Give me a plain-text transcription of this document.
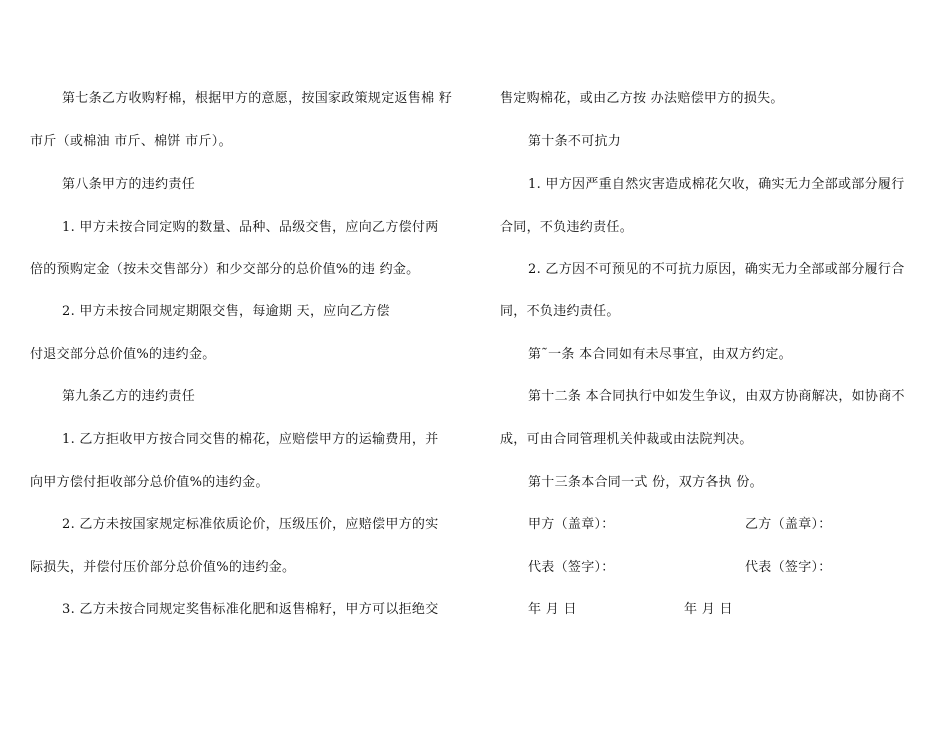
第七条乙方收购籽棉，根据甲方的意愿，按国家政策规定返售棉 籽
市斤（或棉油 市斤、棉饼 市斤）。
第八条甲方的违约责任
1. 甲方未按合同定购的数量、品种、品级交售，应向乙方偿付两
倍的预购定金（按未交售部分）和少交部分的总价值%的违 约金。
2. 甲方未按合同规定期限交售，每逾期 天，应向乙方偿
付退交部分总价值%的违约金。
第九条乙方的违约责任
1. 乙方拒收甲方按合同交售的棉花，应赔偿甲方的运输费用，并
向甲方偿付拒收部分总价值%的违约金。
2. 乙方未按国家规定标准依质论价，压级压价，应赔偿甲方的实
际损失，并偿付压价部分总价值%的违约金。
3. 乙方未按合同规定奖售标准化肥和返售棉籽，甲方可以拒绝交
售定购棉花，或由乙方按 办法赔偿甲方的损失。
第十条不可抗力
1. 甲方因严重自然灾害造成棉花欠收，确实无力全部或部分履行
合同，不负违约责任。
2. 乙方因不可预见的不可抗力原因，确实无力全部或部分履行合
同，不负违约责任。
第˜一条 本合同如有未尽事宜，由双方约定。
第十二条 本合同执行中如发生争议，由双方协商解决，如协商不
成，可由合同管理机关仲裁或由法院判决。
第十三条本合同一式 份，双方各执 份。
甲方（盖章）：	乙方（盖章）：
代表（签字）：	代表（签字）：
年 月 日	年 月 日
